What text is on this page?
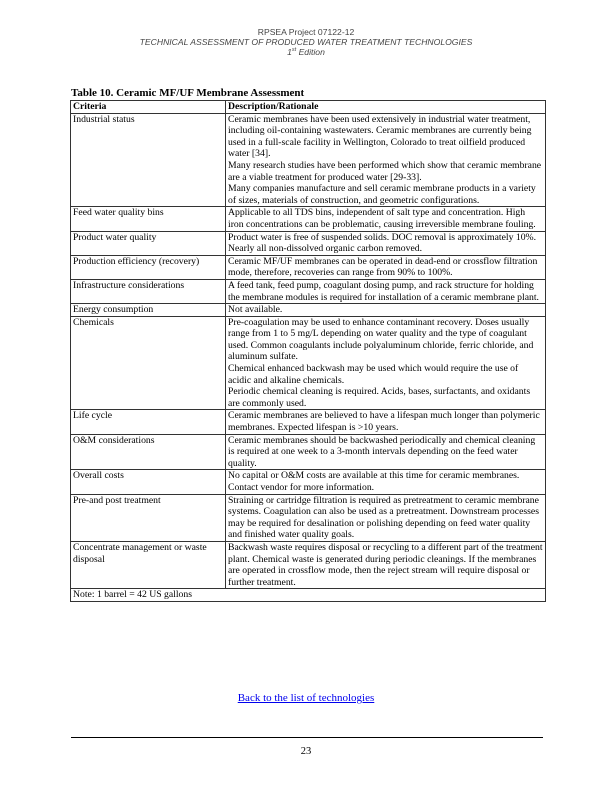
RPSEA Project 07122-12
TECHNICAL ASSESSMENT OF PRODUCED WATER TREATMENT TECHNOLOGIES
1st Edition
Table 10. Ceramic MF/UF Membrane Assessment
Criteria	Description/Rationale
Industrial status	Ceramic membranes have been used extensively in industrial water treatment, including oil-containing wastewaters. Ceramic membranes are currently being used in a full-scale facility in Wellington, Colorado to treat oilfield produced water [34].

Many research studies have been performed which show that ceramic membrane are a viable treatment for produced water [29-33].

Many companies manufacture and sell ceramic membrane products in a variety of sizes, materials of construction, and geometric configurations.

Feed water quality bins	Applicable to all TDS bins, independent of salt type and concentration. High iron concentrations can be problematic, causing irreversible membrane fouling.

Product water quality	Product water is free of suspended solids. DOC removal is approximately 10%. Nearly all non-dissolved organic carbon removed.

Production efficiency (recovery)	Ceramic MF/UF membranes can be operated in dead-end or crossflow filtration mode, therefore, recoveries can range from 90% to 100%.

Infrastructure considerations	A feed tank, feed pump, coagulant dosing pump, and rack structure for holding the membrane modules is required for installation of a ceramic membrane plant.

Energy consumption	Not available.

Chemicals	Pre-coagulation may be used to enhance contaminant recovery. Doses usually range from 1 to 5 mg/L depending on water quality and the type of coagulant used. Common coagulants include polyaluminum chloride, ferric chloride, and aluminum sulfate.

Chemical enhanced backwash may be used which would require the use of acidic and alkaline chemicals.

Periodic chemical cleaning is required. Acids, bases, surfactants, and oxidants are commonly used.

Life cycle	Ceramic membranes are believed to have a lifespan much longer than polymeric membranes. Expected lifespan is >10 years.

O&M considerations	Ceramic membranes should be backwashed periodically and chemical cleaning is required at one week to a 3-month intervals depending on the feed water quality.

Overall costs	No capital or O&M costs are available at this time for ceramic membranes. Contact vendor for more information.

Pre-and post treatment	Straining or cartridge filtration is required as pretreatment to ceramic membrane systems. Coagulation can also be used as a pretreatment. Downstream processes may be required for desalination or polishing depending on feed water quality and finished water quality goals.

Concentrate management or waste disposal	Backwash waste requires disposal or recycling to a different part of the treatment plant. Chemical waste is generated during periodic cleanings. If the membranes are operated in crossflow mode, then the reject stream will require disposal or further treatment.

Note: 1 barrel = 42 US gallons	
Back to the list of technologies
23
